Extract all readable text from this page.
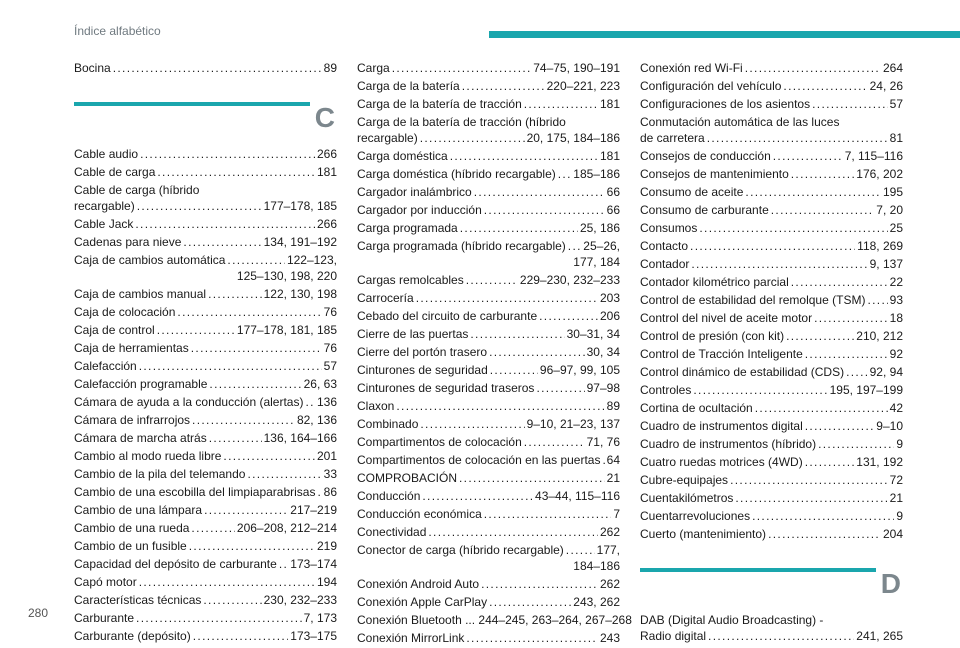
Índice alfabético
Bocina . . .	89
C
Cable audio . . .	266
Cable de carga . . .	181
Cable de carga (híbrido
recargable) . . .	177–178, 185
Cable Jack . . .	266
Cadenas para nieve . . .	134, 191–192
Caja de cambios automática . . .	122–123,
125–130, 198, 220
Caja de cambios manual . . .	122, 130, 198
Caja de colocación . . .	76
Caja de control . . .	177–178, 181, 185
Caja de herramientas . . .	76
Calefacción . . .	57
Calefacción programable . . .	26, 63
Cámara de ayuda a la conducción (alertas) . . . 136
Cámara de infrarrojos . . .	82, 136
Cámara de marcha atrás . . .	136, 164–166
Cambio al modo rueda libre . . .	201
Cambio de la pila del telemando . . .	33
Cambio de una escobilla del limpiaparabrisas . . . 86
Cambio de una lámpara . . .	217–219
Cambio de una rueda . . .	206–208, 212–214
Cambio de un fusible . . .	219
Capacidad del depósito de carburante . . . 173–174
Capó motor . . .	194
Características técnicas . . .	230, 232–233
Carburante . . .	7, 173
Carburante (depósito) . . .	173–175
Carga . . .	74–75, 190–191
Carga de la batería . . .	220–221, 223
Carga de la batería de tracción . . .	181
Carga de la batería de tracción (híbrido
recargable) . . .	20, 175, 184–186
Carga doméstica . . .	181
Carga doméstica (híbrido recargable) . . . 185–186
Cargador inalámbrico . . .	66
Cargador por inducción . . .	66
Carga programada . . .	25, 186
Carga programada (híbrido recargable) . . . 25–26,
177, 184
Cargas remolcables . . .	229–230, 232–233
Carrocería . . .	203
Cebado del circuito de carburante . . .	206
Cierre de las puertas . . .	30–31, 34
Cierre del portón trasero . . .	30, 34
Cinturones de seguridad . . .	96–97, 99, 105
Cinturones de seguridad traseros . . .	97–98
Claxon . . .	89
Combinado . . .	9–10, 21–23, 137
Compartimentos de colocación . . .	71, 76
Compartimentos de colocación en las puertas . . . 64
COMPROBACIÓN . . .	21
Conducción . . .	43–44, 115–116
Conducción económica . . .	7
Conectividad . . .	262
Conector de carga (híbrido recargable) . . .	177,
184–186
Conexión Android Auto . . .	262
Conexión Apple CarPlay . . .	243, 262
Conexión Bluetooth ... 244–245, 263–264, 267–268
Conexión MirrorLink . . .	243
Conexión red Wi-Fi . . .	264
Configuración del vehículo . . .	24, 26
Configuraciones de los asientos . . .	57
Conmutación automática de las luces
de carretera . . .	81
Consejos de conducción . . .	7, 115–116
Consejos de mantenimiento . . .	176, 202
Consumo de aceite . . .	195
Consumo de carburante . . .	7, 20
Consumos . . .	25
Contacto . . .	118, 269
Contador . . .	9, 137
Contador kilométrico parcial . . .	22
Control de estabilidad del remolque (TSM) . . . 93
Control del nivel de aceite motor . . .	18
Control de presión (con kit) . . .	210, 212
Control de Tracción Inteligente . . .	92
Control dinámico de estabilidad (CDS) . . . 92, 94
Controles . . .	195, 197–199
Cortina de ocultación . . .	42
Cuadro de instrumentos digital . . .	9–10
Cuadro de instrumentos (híbrido) . . .	9
Cuatro ruedas motrices (4WD) . . .	131, 192
Cubre-equipajes . . .	72
Cuentakilómetros . . .	21
Cuentarrevoluciones . . .	9
Cuerto (mantenimiento) . . .	204
D
DAB (Digital Audio Broadcasting) -
Radio digital . . .	241, 265
280
